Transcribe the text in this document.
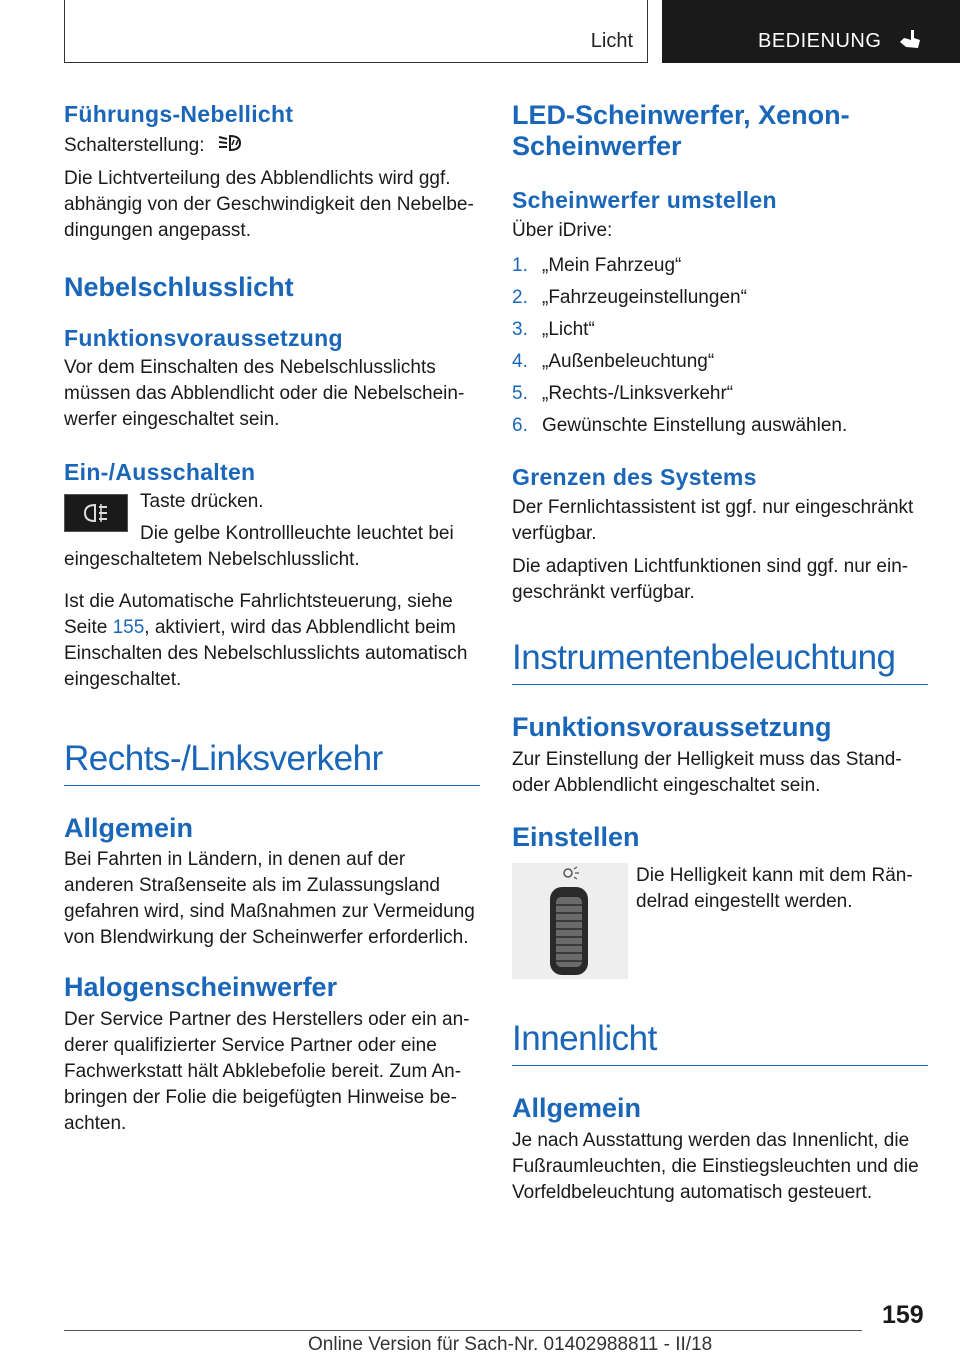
Licht	BEDIENUNG
Führungs-Nebellicht

Schalterstellung:

Die Lichtverteilung des Abblendlichts wird ggf. abhängig von der Geschwindigkeit den Nebelbe‐ dingungen angepasst.

Nebelschlusslicht
Funktionsvoraussetzung

Vor dem Einschalten des Nebelschlusslichts müssen das Abblendlicht oder die Nebelschein‐ werfer eingeschaltet sein.

Ein-/Ausschalten

Taste drücken.

Die gelbe Kontrollleuchte leuchtet bei

eingeschaltetem Nebelschlusslicht.

Ist die Automatische Fahrlichtsteuerung, siehe Seite 155, aktiviert, wird das Abblendlicht beim Einschalten des Nebelschlusslichts automatisch eingeschaltet.

Rechts-/Linksverkehr
Allgemein

Bei Fahrten in Ländern, in denen auf der anderen Straßenseite als im Zulassungsland gefahren wird, sind Maßnahmen zur Vermeidung von Blendwirkung der Scheinwerfer erforderlich.

Halogenscheinwerfer

Der Service Partner des Herstellers oder ein an‐ derer qualifizierter Service Partner oder eine Fachwerkstatt hält Abklebefolie bereit. Zum An‐ bringen der Folie die beigefügten Hinweise be‐ achten.

LED-Scheinwerfer, Xenon-Scheinwerfer
Scheinwerfer umstellen

Über iDrive:

1. „Mein Fahrzeug“
2. „Fahrzeugeinstellungen“
3. „Licht“
4. „Außenbeleuchtung“
5. „Rechts-/Linksverkehr“
6. Gewünschte Einstellung auswählen.
Grenzen des Systems

Der Fernlichtassistent ist ggf. nur eingeschränkt verfügbar.

Die adaptiven Lichtfunktionen sind ggf. nur ein‐ geschränkt verfügbar.

Instrumentenbeleuchtung
Funktionsvoraussetzung

Zur Einstellung der Helligkeit muss das Stand- oder Abblendlicht eingeschaltet sein.

Einstellen

Die Helligkeit kann mit dem Rän‐ delrad eingestellt werden.

Innenlicht
Allgemein

Je nach Ausstattung werden das Innenlicht, die Fußraumleuchten, die Einstiegsleuchten und die Vorfeldbeleuchtung automatisch gesteuert.

159
Online Version für Sach-Nr. 01402988811 - II/18
